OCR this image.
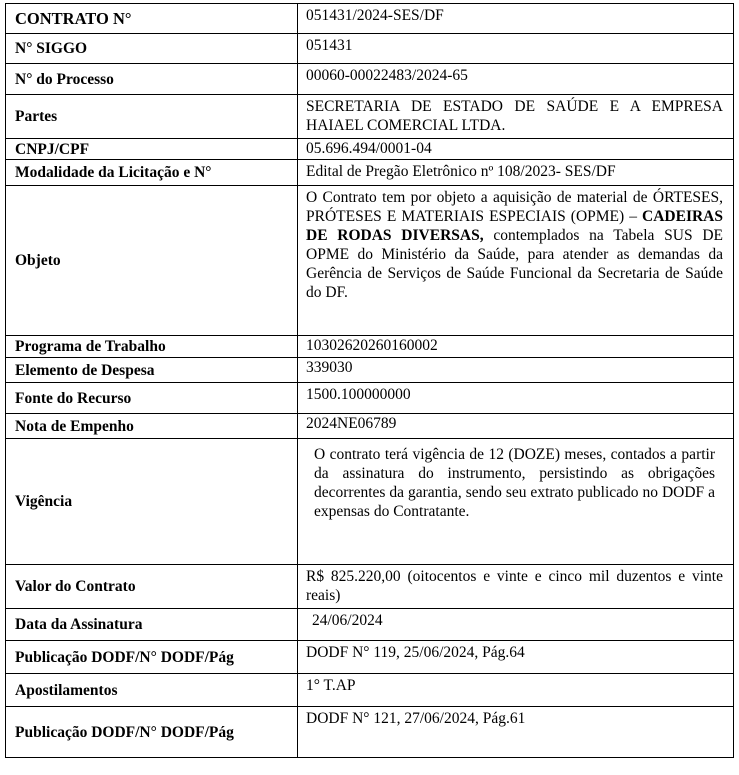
CONTRATO N°	051431/2024-SES/DF
N° SIGGO	051431
N° do Processo	00060-00022483/2024-65
Partes	SECRETARIA DE ESTADO DE SAÚDE E A EMPRESA HAIAEL COMERCIAL LTDA.
CNPJ/CPF	05.696.494/0001-04
Modalidade da Licitação e N°	Edital de Pregão Eletrônico nº 108/2023- SES/DF
Objeto	O Contrato tem por objeto a aquisição de material de ÓRTESES, PRÓTESES E MATERIAIS ESPECIAIS (OPME) – CADEIRAS DE RODAS DIVERSAS, contemplados na Tabela SUS DE OPME do Ministério da Saúde, para atender as demandas da Gerência de Serviços de Saúde Funcional da Secretaria de Saúde do DF.
Programa de Trabalho	10302620260160002
Elemento de Despesa	339030
Fonte do Recurso	1500.100000000
Nota de Empenho	2024NE06789
Vigência	O contrato terá vigência de 12 (DOZE) meses, contados a partir da assinatura do instrumento, persistindo as obrigações decorrentes da garantia, sendo seu extrato publicado no DODF a expensas do Contratante.
Valor do Contrato	R$ 825.220,00 (oitocentos e vinte e cinco mil duzentos e vinte reais)
Data da Assinatura	24/06/2024
Publicação DODF/N° DODF/Pág	DODF N° 119, 25/06/2024, Pág.64
Apostilamentos	1° T.AP
Publicação DODF/N° DODF/Pág	DODF N° 121, 27/06/2024, Pág.61
